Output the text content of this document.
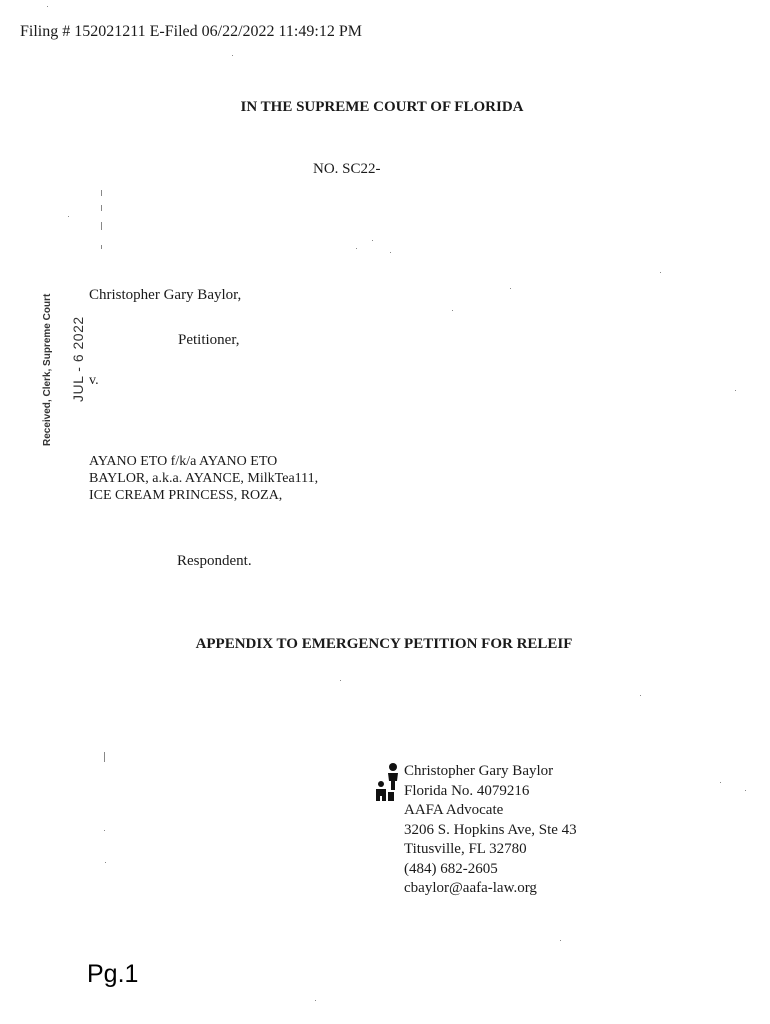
Filing # 152021211 E-Filed 06/22/2022 11:49:12 PM
IN THE SUPREME COURT OF FLORIDA
NO. SC22-
Received, Clerk, Supreme Court JUL - 6 2022
Christopher Gary Baylor,
Petitioner,
v.
AYANO ETO f/k/a AYANO ETO
BAYLOR, a.k.a. AYANCE, MilkTea111,
ICE CREAM PRINCESS, ROZA,
Respondent.
APPENDIX TO EMERGENCY PETITION FOR RELEIF
Christopher Gary Baylor
Florida No. 4079216
AAFA Advocate
3206 S. Hopkins Ave, Ste 43
Titusville, FL 32780
(484) 682-2605
cbaylor@aafa-law.org
Pg.1
